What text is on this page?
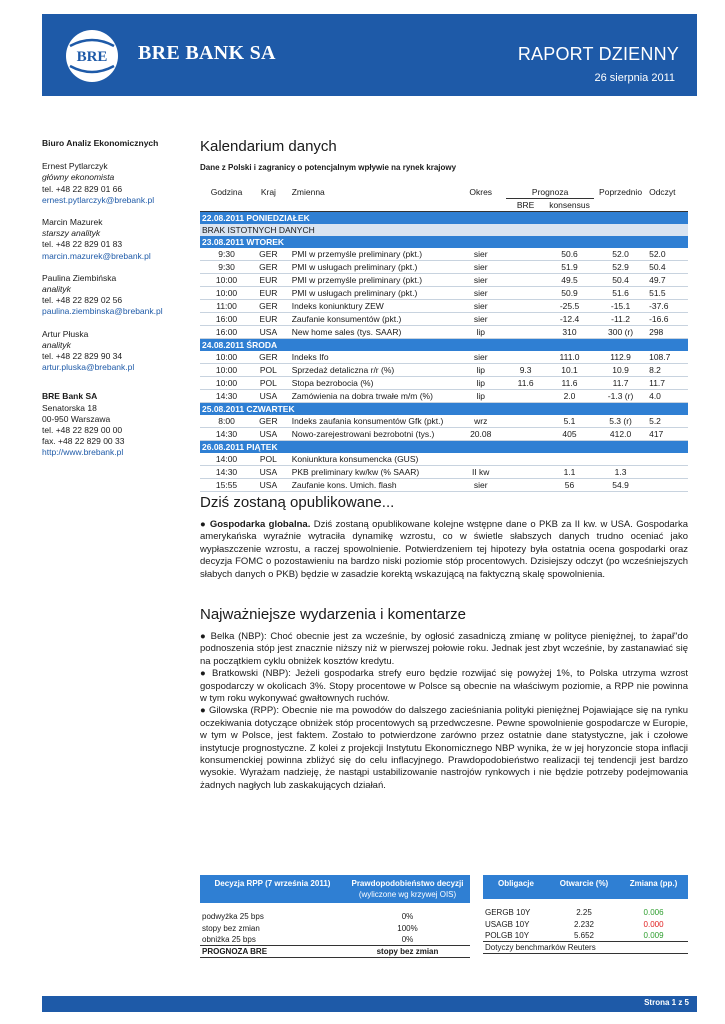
BRE BRE BANK SA	RAPORT DZIENNY
26 sierpnia 2011
Biuro Analiz Ekonomicznych
Ernest Pytlarczyk
główny ekonomista
tel. +48 22 829 01 66
ernest.pytlarczyk@brebank.pl
Marcin Mazurek
starszy analityk
tel. +48 22 829 01 83
marcin.mazurek@brebank.pl
Paulina Ziembińska
analityk
tel. +48 22 829 02 56
paulina.ziembinska@brebank.pl
Artur Płuska
analityk
tel. +48 22 829 90 34
artur.pluska@brebank.pl
BRE Bank SA
Senatorska 18
00-950 Warszawa
tel. +48 22 829 00 00
fax. +48 22 829 00 33
http://www.brebank.pl
Kalendarium danych
Dane z Polski i zagranicy o potencjalnym wpływie na rynek krajowy
Godzina	Kraj	Zmienna	Okres	Prognoza		Poprzednio	Odczyt
				BRE	konsensus		
22.08.2011 PONIEDZIAŁEK							
BRAK ISTOTNYCH DANYCH							
23.08.2011 WTOREK							
9:30	GER	PMI w przemyśle preliminary (pkt.)	sier		50.6	52.0	52.0
9:30	GER	PMI w usługach preliminary (pkt.)	sier		51.9	52.9	50.4
10:00	EUR	PMI w przemyśle preliminary (pkt.)	sier		49.5	50.4	49.7
10:00	EUR	PMI w usługach preliminary (pkt.)	sier		50.9	51.6	51.5
11:00	GER	Indeks koniunktury ZEW	sier		-25.5	-15.1	-37.6
16:00	EUR	Zaufanie konsumentów (pkt.)	sier		-12.4	-11.2	-16.6
16:00	USA	New home sales (tys. SAAR)	lip		310	300 (r)	298
24.08.2011 ŚRODA							
10:00	GER	Indeks Ifo	sier		111.0	112.9	108.7
10:00	POL	Sprzedaż detaliczna r/r (%)	lip	9.3	10.1	10.9	8.2
10:00	POL	Stopa bezrobocia (%)	lip	11.6	11.6	11.7	11.7
14:30	USA	Zamówienia na dobra trwałe m/m (%)	lip		2.0	-1.3 (r)	4.0
25.08.2011 CZWARTEK							
8:00	GER	Indeks zaufania konsumentów Gfk (pkt.)	wrz		5.1	5.3 (r)	5.2
14:30	USA	Nowo-zarejestrowani bezrobotni (tys.)	20.08		405	412.0	417
26.08.2011 PIĄTEK							
14:00	POL	Koniunktura konsumencka (GUS)					
14:30	USA	PKB preliminary kw/kw (% SAAR)	II kw		1.1	1.3	
15:55	USA	Zaufanie kons. Umich. flash	sier		56	54.9	
Dziś zostaną opublikowane...

● Gospodarka globalna. Dziś zostaną opublikowane kolejne wstępne dane o PKB za II kw. w USA. Gospodarka amerykańska wyraźnie wytraciła dynamikę wzrostu, co w świetle słabszych danych trudno oceniać jako wypłaszczenie wzrostu, a raczej spowolnienie. Potwierdzeniem tej hipotezy była ostatnia ocena gospodarki oraz decyzja FOMC o pozostawieniu na bardzo niski poziomie stóp procentowych. Dzisiejszy odczyt (po wcześniejszych słabych danych o PKB) będzie w zasadzie korektą wskazującą na faktyczną skalę spowolnienia.

Najważniejsze wydarzenia i komentarze

● Belka (NBP): Choć obecnie jest za wcześnie, by ogłosić zasadniczą zmianę w polityce pieniężnej, to żapał"do podnoszenia stóp jest znacznie niższy niż w pierwszej połowie roku. Jednak jest zbyt wcześnie, by zastanawiać się na początkiem cyklu obniżek kosztów kredytu.

● Bratkowski (NBP): Jeżeli gospodarka strefy euro będzie rozwijać się powyżej 1%, to Polska utrzyma wzrost gospodarczy w okolicach 3%. Stopy procentowe w Polsce są obecnie na właściwym poziomie, a RPP nie powinna w tym roku wykonywać gwałtownych ruchów.

● Gilowska (RPP): Obecnie nie ma powodów do dalszego zacieśniania polityki pieniężnej Pojawiające się na rynku oczekiwania dotyczące obniżek stóp procentowych są przedwczesne. Pewne spowolnienie gospodarcze w Europie, w tym w Polsce, jest faktem. Zostało to potwierdzone zarówno przez ostatnie dane statystyczne, jak i czołowe instytucje prognostyczne. Z kolei z projekcji Instytutu Ekonomicznego NBP wynika, że w jej horyzoncie stopa inflacji konsumenckiej powinna zbliżyć się do celu inflacyjnego. Prawdopodobieństwo realizacji tej tendencji jest bardzo wysokie. Wyrażam nadzieję, że nastąpi ustabilizowanie nastrojów rynkowych i nie będzie potrzeby podejmowania żadnych nagłych lub zaskakujących działań.

Decyzja RPP (7 września 2011)	Prawdopodobieństwo decyzji
(wyliczone wg krzywej OIS)

podwyżka 25 bps	0%
stopy bez zmian	100%
obniżka 25 bps	0%
PROGNOZA BRE	stopy bez zmian
Obligacje	Otwarcie (%)	Zmiana (pp.)

GERGB 10Y	2.25	0.006
USAGB 10Y	2.232	0.000
POLGB 10Y	5.652	0.009
Dotyczy benchmarków Reuters		
Strona 1 z 5
